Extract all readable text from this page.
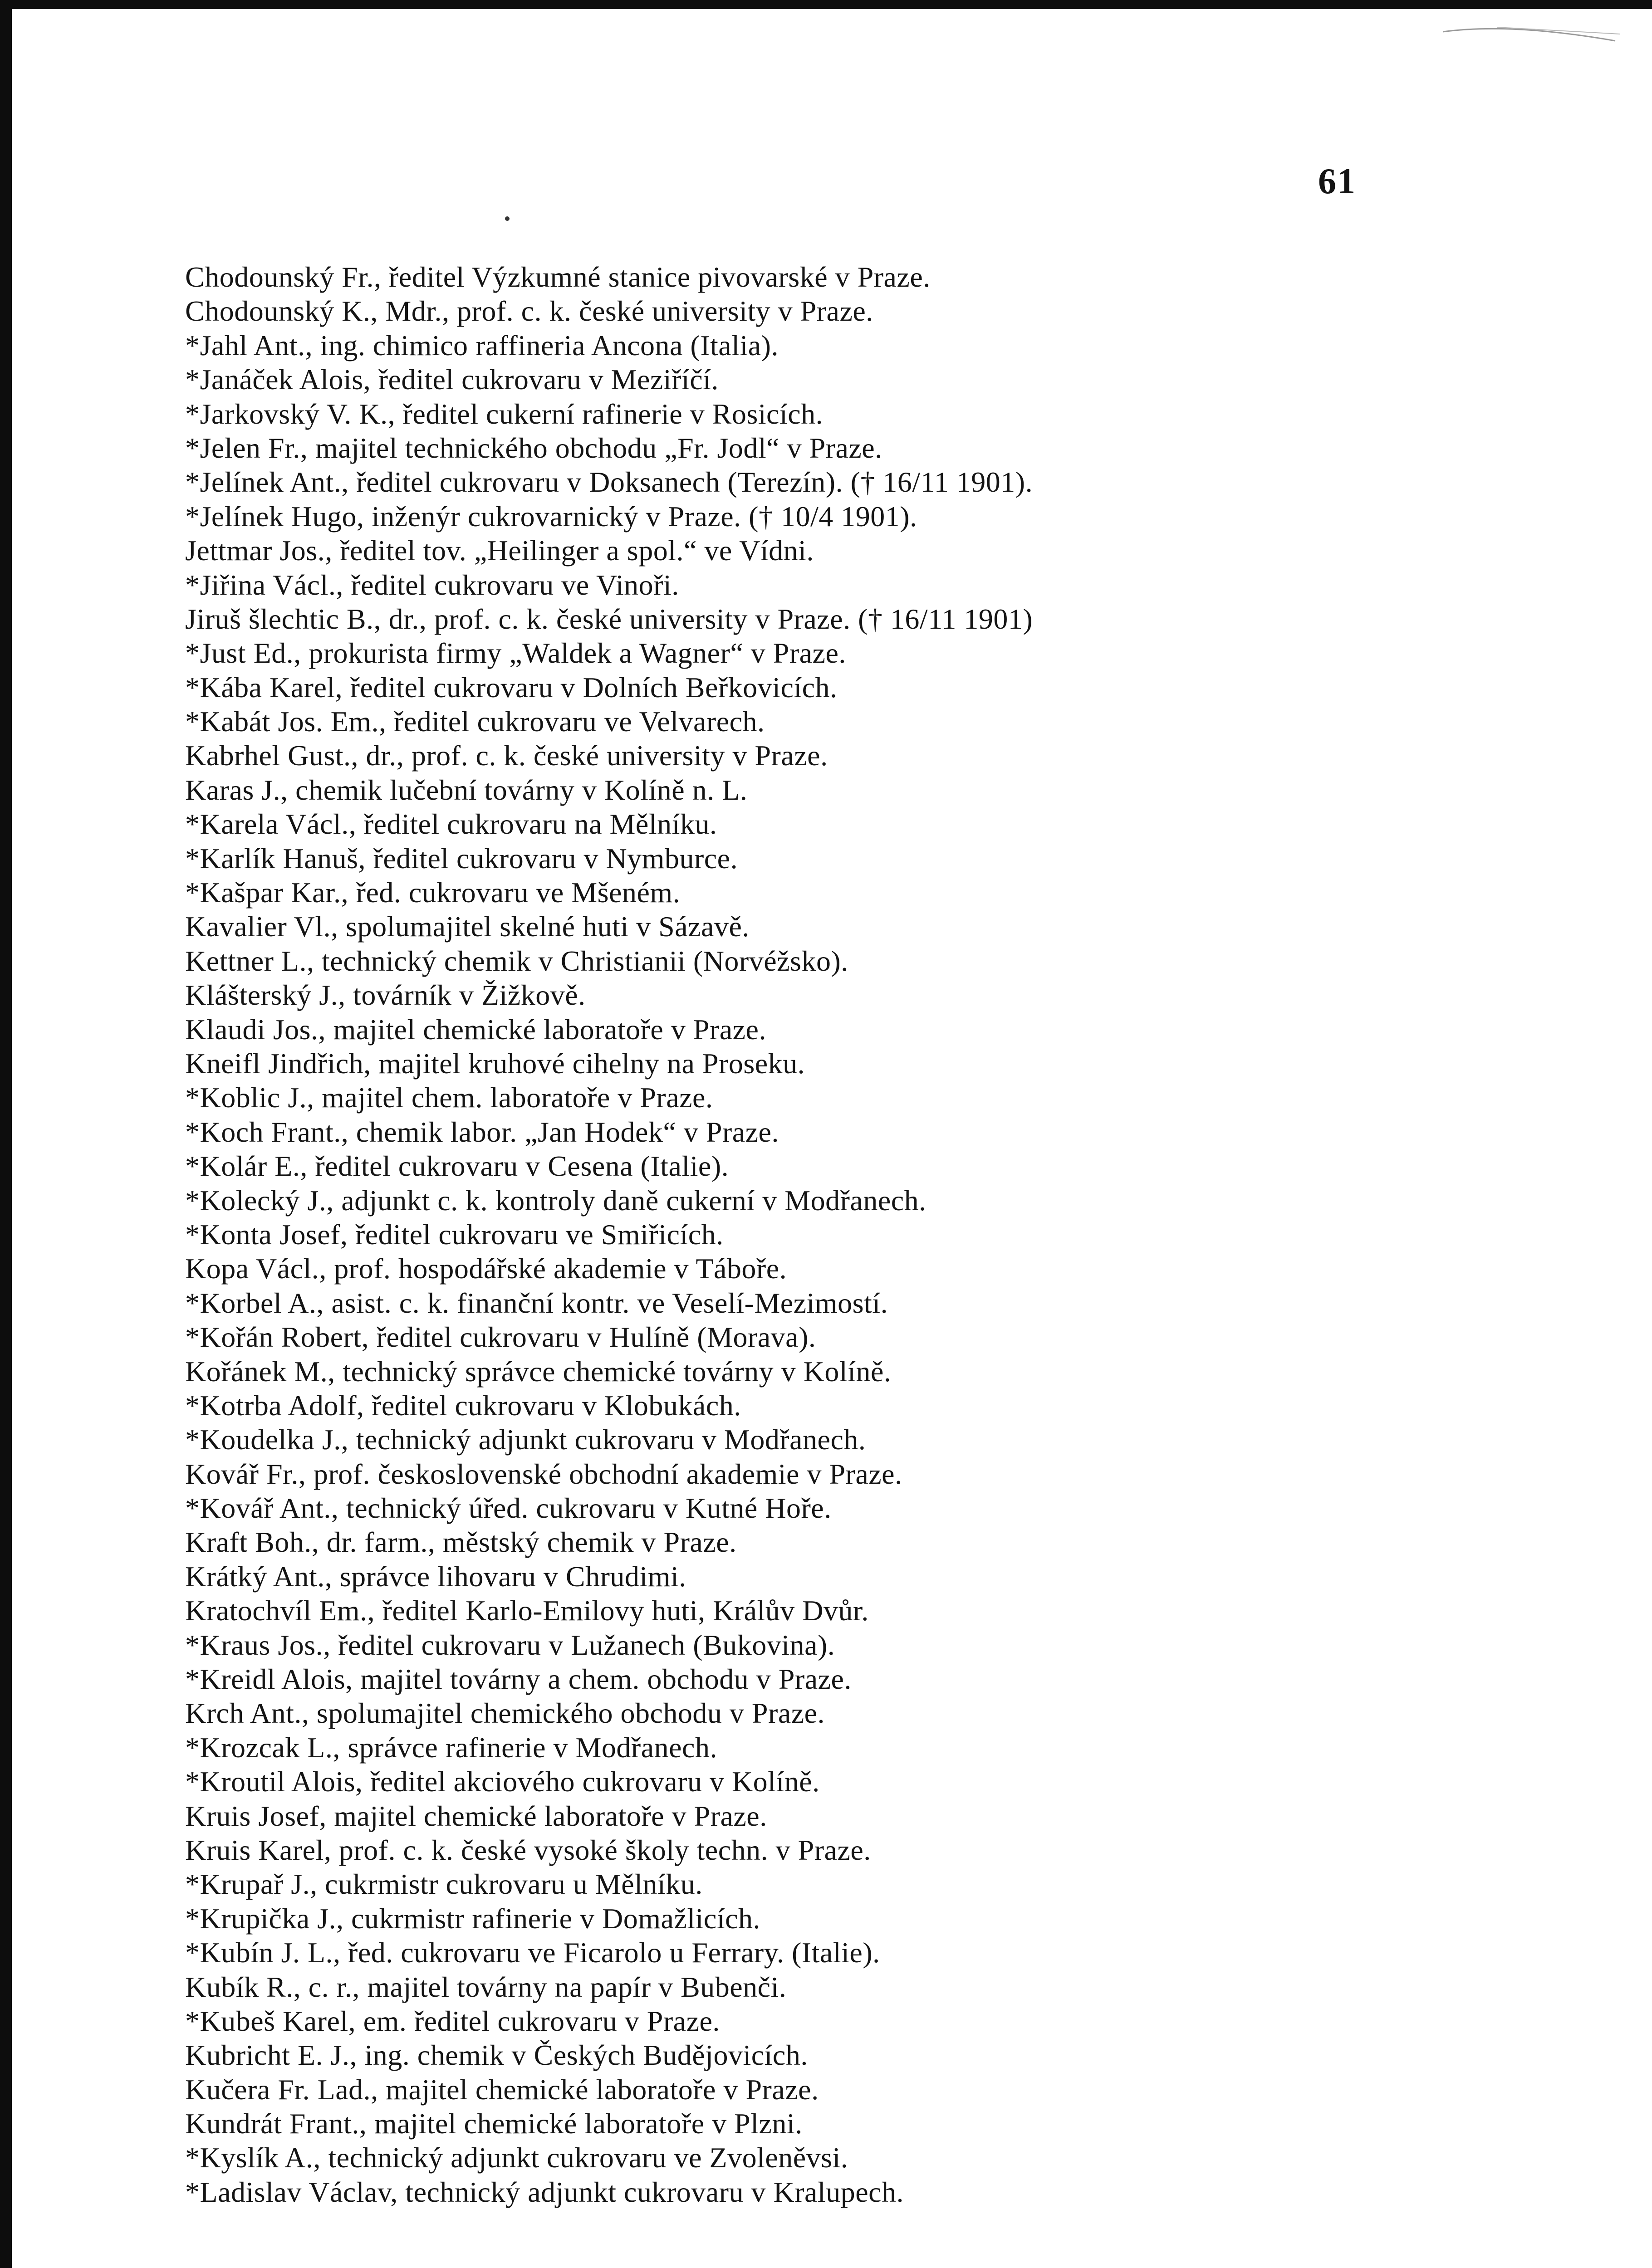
61
Chodounský Fr., ředitel Výzkumné stanice pivovarské v Praze.
Chodounský K., Mdr., prof. c. k. české university v Praze.
*Jahl Ant., ing. chimico raffineria Ancona (Italia).
*Janáček Alois, ředitel cukrovaru v Meziříčí.
*Jarkovský V. K., ředitel cukerní rafinerie v Rosicích.
*Jelen Fr., majitel technického obchodu „Fr. Jodl“ v Praze.
*Jelínek Ant., ředitel cukrovaru v Doksanech (Terezín). († 16/11 1901).
*Jelínek Hugo, inženýr cukrovarnický v Praze. († 10/4 1901).
Jettmar Jos., ředitel tov. „Heilinger a spol.“ ve Vídni.
*Jiřina Václ., ředitel cukrovaru ve Vinoři.
Jiruš šlechtic B., dr., prof. c. k. české university v Praze. († 16/11 1901)
*Just Ed., prokurista firmy „Waldek a Wagner“ v Praze.
*Kába Karel, ředitel cukrovaru v Dolních Beřkovicích.
*Kabát Jos. Em., ředitel cukrovaru ve Velvarech.
Kabrhel Gust., dr., prof. c. k. české university v Praze.
Karas J., chemik lučební továrny v Kolíně n. L.
*Karela Václ., ředitel cukrovaru na Mělníku.
*Karlík Hanuš, ředitel cukrovaru v Nymburce.
*Kašpar Kar., řed. cukrovaru ve Mšeném.
Kavalier Vl., spolumajitel skelné huti v Sázavě.
Kettner L., technický chemik v Christianii (Norvéžsko).
Klášterský J., továrník v Žižkově.
Klaudi Jos., majitel chemické laboratoře v Praze.
Kneifl Jindřich, majitel kruhové cihelny na Proseku.
*Koblic J., majitel chem. laboratoře v Praze.
*Koch Frant., chemik labor. „Jan Hodek“ v Praze.
*Kolár E., ředitel cukrovaru v Cesena (Italie).
*Kolecký J., adjunkt c. k. kontroly daně cukerní v Modřanech.
*Konta Josef, ředitel cukrovaru ve Smiřicích.
Kopa Václ., prof. hospodářské akademie v Táboře.
*Korbel A., asist. c. k. finanční kontr. ve Veselí-Mezimostí.
*Kořán Robert, ředitel cukrovaru v Hulíně (Morava).
Kořánek M., technický správce chemické továrny v Kolíně.
*Kotrba Adolf, ředitel cukrovaru v Klobukách.
*Koudelka J., technický adjunkt cukrovaru v Modřanech.
Kovář Fr., prof. československé obchodní akademie v Praze.
*Kovář Ant., technický úřed. cukrovaru v Kutné Hoře.
Kraft Boh., dr. farm., městský chemik v Praze.
Krátký Ant., správce lihovaru v Chrudimi.
Kratochvíl Em., ředitel Karlo-Emilovy huti, Králův Dvůr.
*Kraus Jos., ředitel cukrovaru v Lužanech (Bukovina).
*Kreidl Alois, majitel továrny a chem. obchodu v Praze.
Krch Ant., spolumajitel chemického obchodu v Praze.
*Krozcak L., správce rafinerie v Modřanech.
*Kroutil Alois, ředitel akciového cukrovaru v Kolíně.
Kruis Josef, majitel chemické laboratoře v Praze.
Kruis Karel, prof. c. k. české vysoké školy techn. v Praze.
*Krupař J., cukrmistr cukrovaru u Mělníku.
*Krupička J., cukrmistr rafinerie v Domažlicích.
*Kubín J. L., řed. cukrovaru ve Ficarolo u Ferrary. (Italie).
Kubík R., c. r., majitel továrny na papír v Bubenči.
*Kubeš Karel, em. ředitel cukrovaru v Praze.
Kubricht E. J., ing. chemik v Českých Budějovicích.
Kučera Fr. Lad., majitel chemické laboratoře v Praze.
Kundrát Frant., majitel chemické laboratoře v Plzni.
*Kyslík A., technický adjunkt cukrovaru ve Zvoleněvsi.
*Ladislav Václav, technický adjunkt cukrovaru v Kralupech.
